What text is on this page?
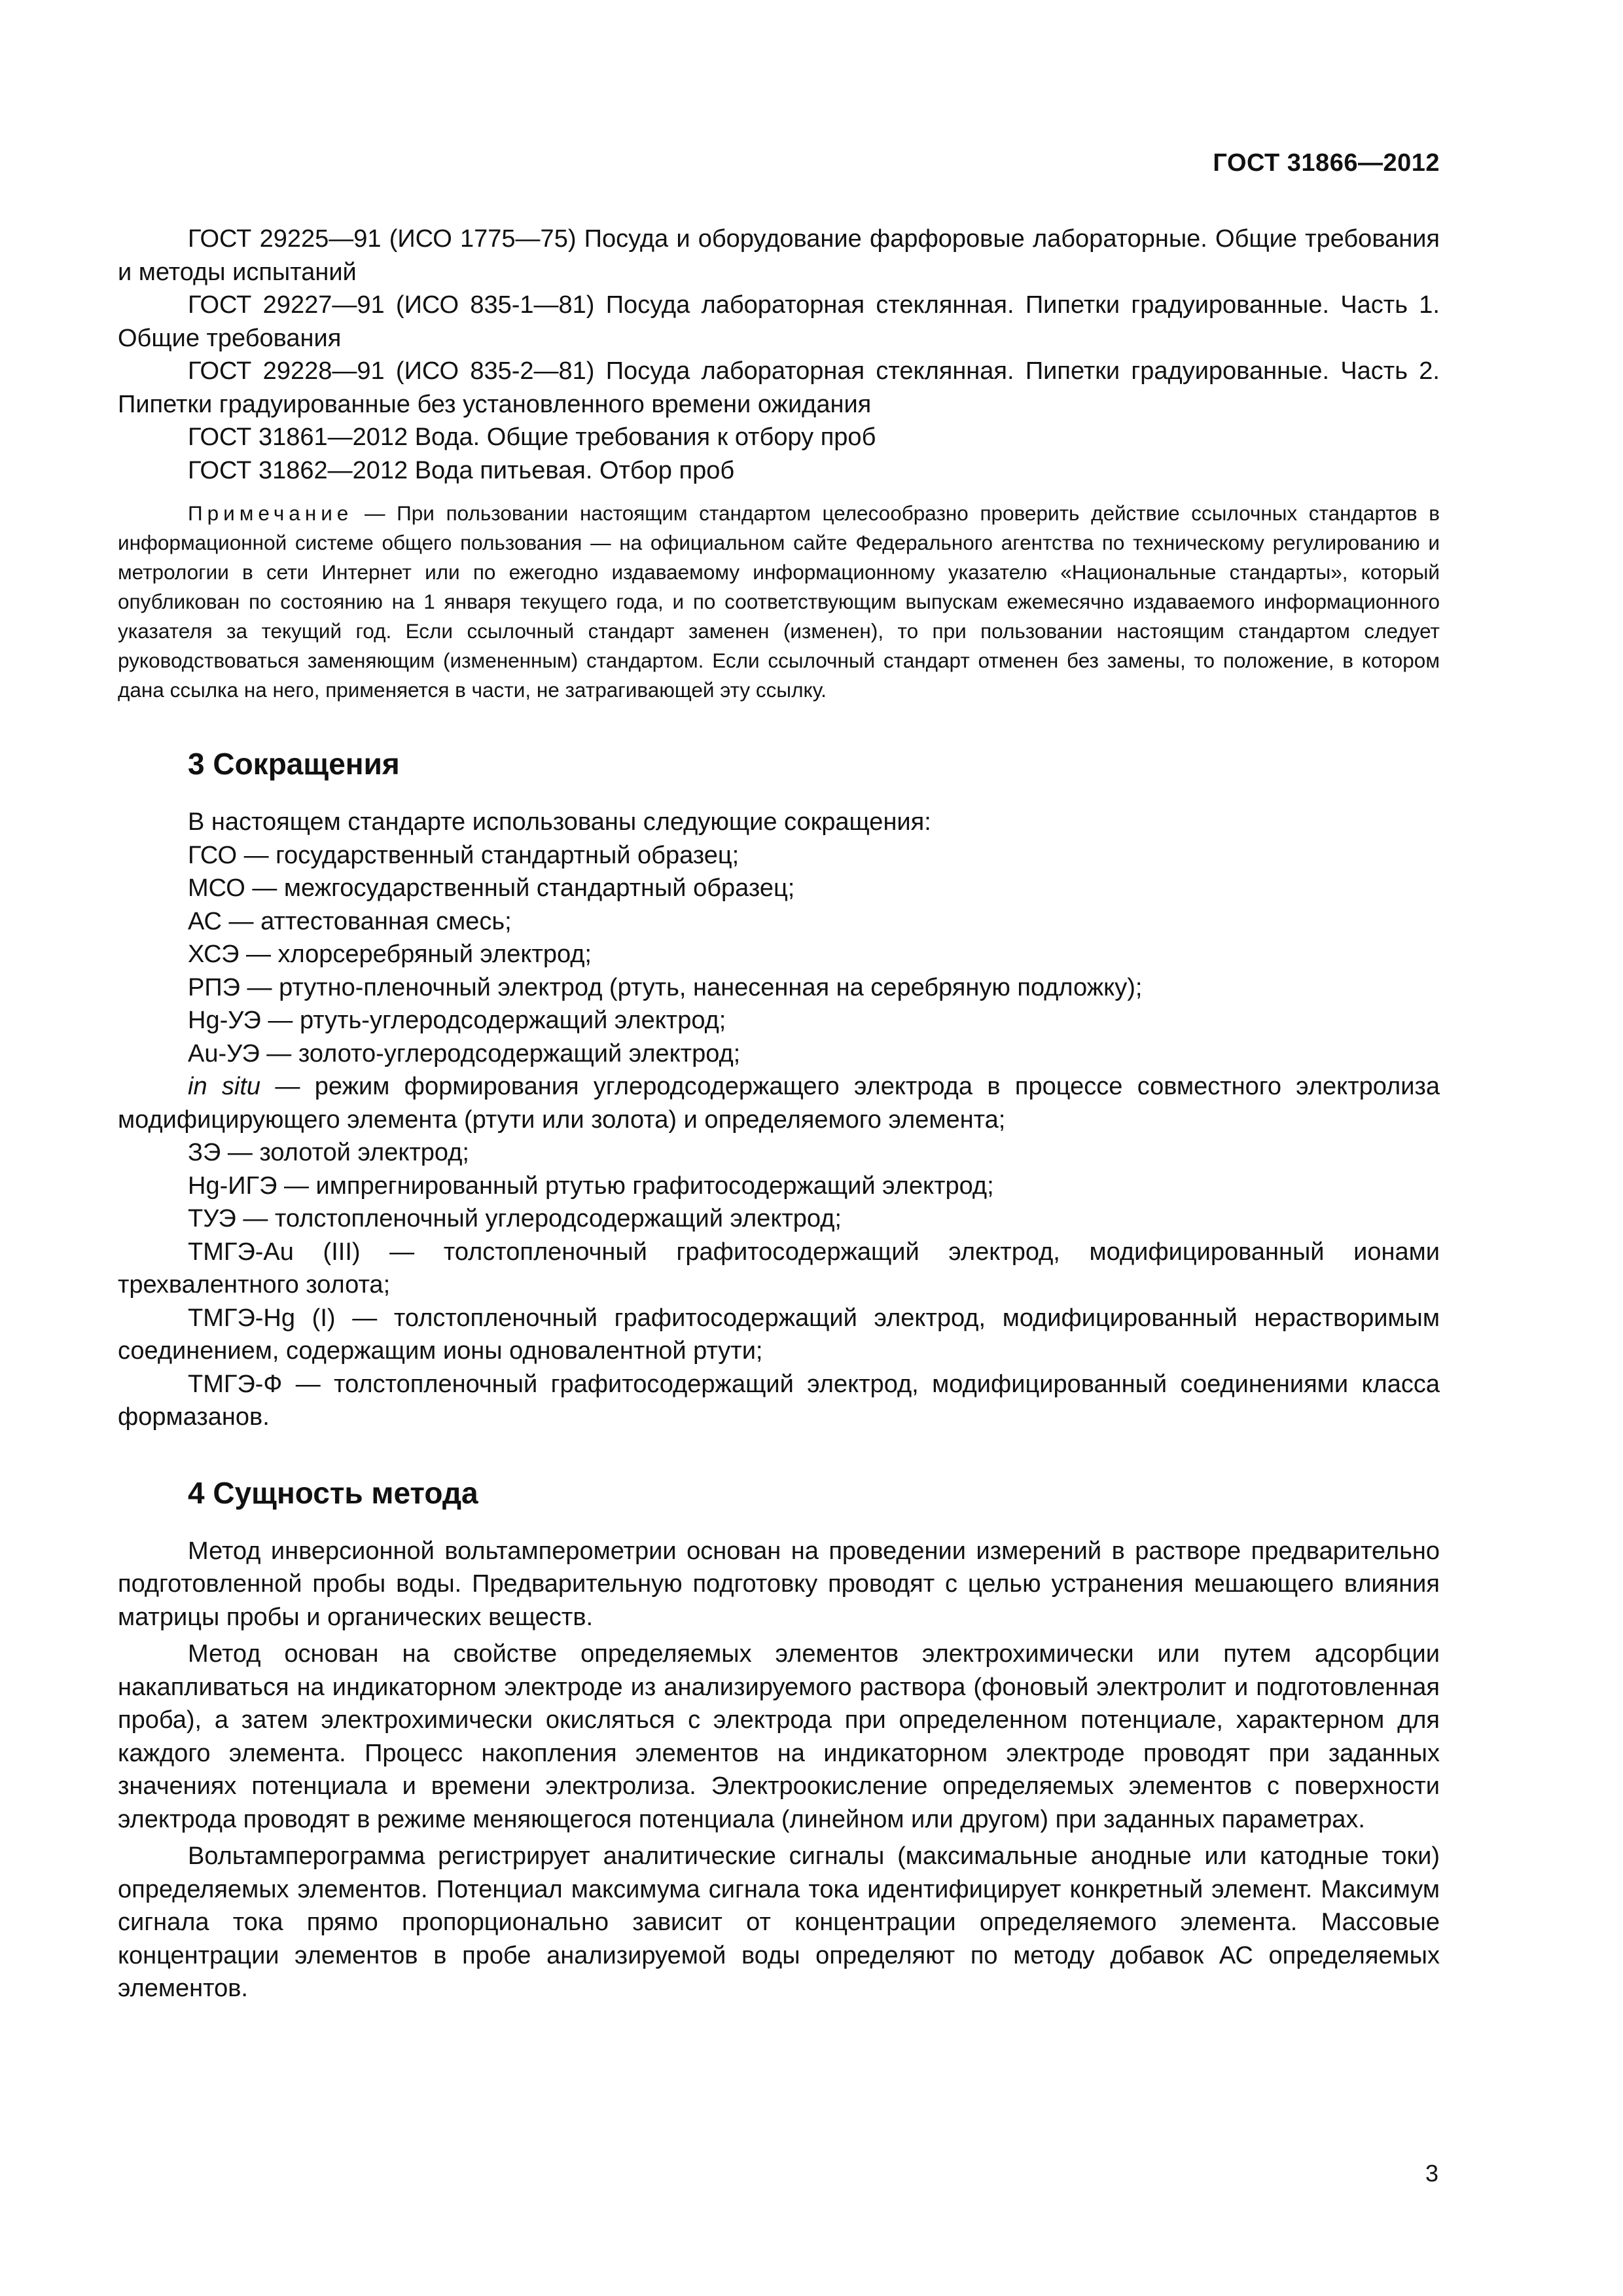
ГОСТ 31866—2012

ГОСТ 29225—91 (ИСО 1775—75) Посуда и оборудование фарфоровые лабораторные. Общие требования и методы испытаний

ГОСТ 29227—91 (ИСО 835-1—81) Посуда лабораторная стеклянная. Пипетки градуированные. Часть 1. Общие требования

ГОСТ 29228—91 (ИСО 835-2—81) Посуда лабораторная стеклянная. Пипетки градуированные. Часть 2. Пипетки градуированные без установленного времени ожидания

ГОСТ 31861—2012 Вода. Общие требования к отбору проб

ГОСТ 31862—2012 Вода питьевая. Отбор проб

Примечание — При пользовании настоящим стандартом целесообразно проверить действие ссылочных стандартов в информационной системе общего пользования — на официальном сайте Федерального агентства по техническому регулированию и метрологии в сети Интернет или по ежегодно издаваемому информационному указателю «Национальные стандарты», который опубликован по состоянию на 1 января текущего года, и по соответствующим выпускам ежемесячно издаваемого информационного указателя за текущий год. Если ссылочный стандарт заменен (изменен), то при пользовании настоящим стандартом следует руководствоваться заменяющим (измененным) стандартом. Если ссылочный стандарт отменен без замены, то положение, в котором дана ссылка на него, применяется в части, не затрагивающей эту ссылку.

3 Сокращения

В настоящем стандарте использованы следующие сокращения:

ГСО — государственный стандартный образец;

МСО — межгосударственный стандартный образец;

АС — аттестованная смесь;

ХСЭ — хлорсеребряный электрод;

РПЭ — ртутно-пленочный электрод (ртуть, нанесенная на серебряную подложку);

Hg-УЭ — ртуть-углеродсодержащий электрод;

Au-УЭ — золото-углеродсодержащий электрод;

in situ — режим формирования углеродсодержащего электрода в процессе совместного электролиза модифицирующего элемента (ртути или золота) и определяемого элемента;

ЗЭ — золотой электрод;

Hg-ИГЭ — импрегнированный ртутью графитосодержащий электрод;

ТУЭ — толстопленочный углеродсодержащий электрод;

ТМГЭ-Au (III) — толстопленочный графитосодержащий электрод, модифицированный ионами трехвалентного золота;

ТМГЭ-Hg (I) — толстопленочный графитосодержащий электрод, модифицированный нерастворимым соединением, содержащим ионы одновалентной ртути;

ТМГЭ-Ф — толстопленочный графитосодержащий электрод, модифицированный соединениями класса формазанов.

4 Сущность метода

Метод инверсионной вольтамперометрии основан на проведении измерений в растворе предварительно подготовленной пробы воды. Предварительную подготовку проводят с целью устранения мешающего влияния матрицы пробы и органических веществ.

Метод основан на свойстве определяемых элементов электрохимически или путем адсорбции накапливаться на индикаторном электроде из анализируемого раствора (фоновый электролит и подготовленная проба), а затем электрохимически окисляться с электрода при определенном потенциале, характерном для каждого элемента. Процесс накопления элементов на индикаторном электроде проводят при заданных значениях потенциала и времени электролиза. Электроокисление определяемых элементов с поверхности электрода проводят в режиме меняющегося потенциала (линейном или другом) при заданных параметрах.

Вольтамперограмма регистрирует аналитические сигналы (максимальные анодные или катодные токи) определяемых элементов. Потенциал максимума сигнала тока идентифицирует конкретный элемент. Максимум сигнала тока прямо пропорционально зависит от концентрации определяемого элемента. Массовые концентрации элементов в пробе анализируемой воды определяют по методу добавок АС определяемых элементов.

3
